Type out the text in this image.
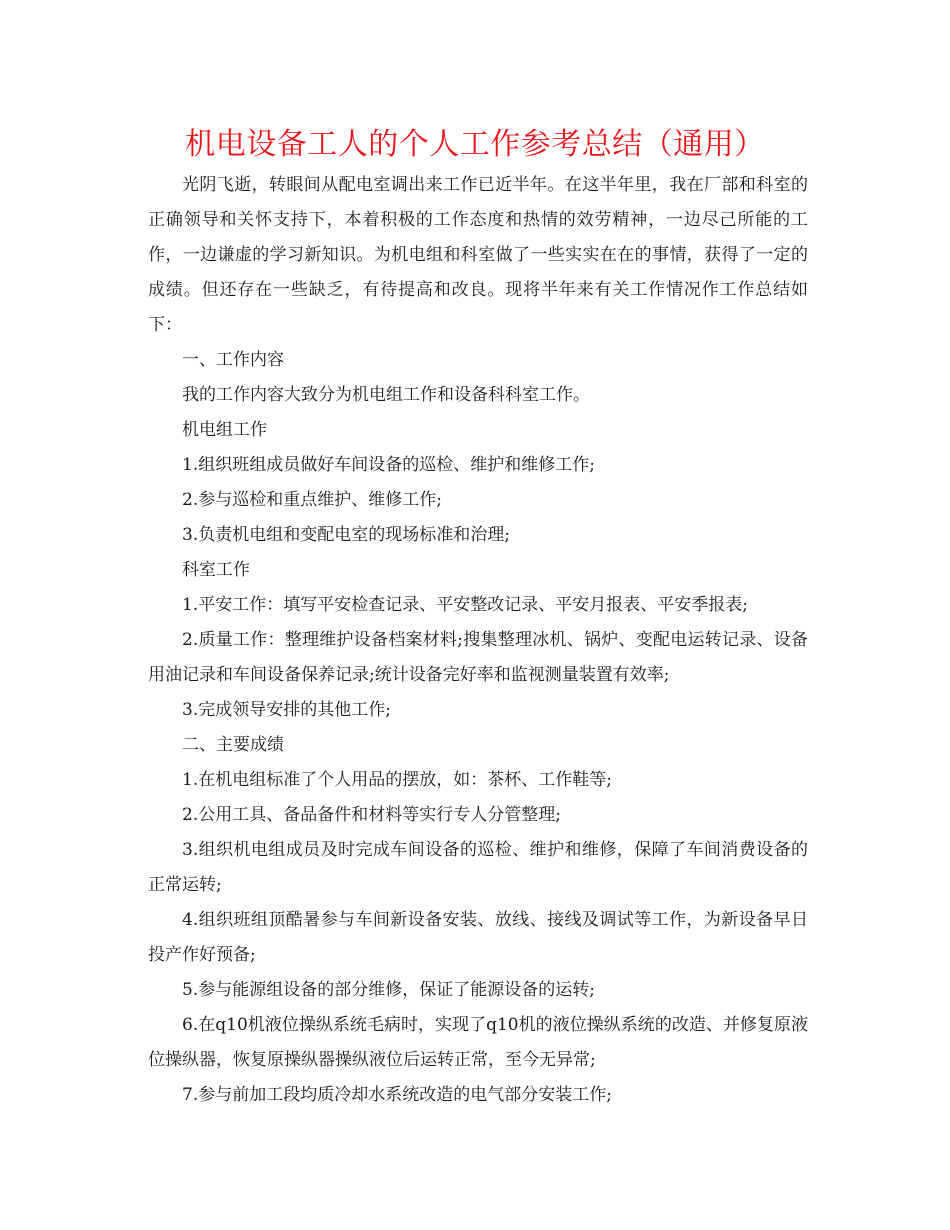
机电设备工人的个人工作参考总结（通用）

光阴飞逝，转眼间从配电室调出来工作已近半年。在这半年里，我在厂部和科室的正确领导和关怀支持下，本着积极的工作态度和热情的效劳精神，一边尽己所能的工作，一边谦虚的学习新知识。为机电组和科室做了一些实实在在的事情，获得了一定的成绩。但还存在一些缺乏，有待提高和改良。现将半年来有关工作情况作工作总结如下：

一、工作内容

我的工作内容大致分为机电组工作和设备科科室工作。

机电组工作

1.组织班组成员做好车间设备的巡检、维护和维修工作;

2.参与巡检和重点维护、维修工作;

3.负责机电组和变配电室的现场标准和治理;

科室工作

1.平安工作：填写平安检查记录、平安整改记录、平安月报表、平安季报表;

2.质量工作：整理维护设备档案材料;搜集整理冰机、锅炉、变配电运转记录、设备用油记录和车间设备保养记录;统计设备完好率和监视测量装置有效率;

3.完成领导安排的其他工作;

二、主要成绩

1.在机电组标准了个人用品的摆放，如：茶杯、工作鞋等;

2.公用工具、备品备件和材料等实行专人分管整理;

3.组织机电组成员及时完成车间设备的巡检、维护和维修，保障了车间消费设备的正常运转;

4.组织班组顶酷暑参与车间新设备安装、放线、接线及调试等工作，为新设备早日投产作好预备;

5.参与能源组设备的部分维修，保证了能源设备的运转;

6.在q10机液位操纵系统毛病时，实现了q10机的液位操纵系统的改造、并修复原液位操纵器，恢复原操纵器操纵液位后运转正常，至今无异常;

7.参与前加工段均质冷却水系统改造的电气部分安装工作;
